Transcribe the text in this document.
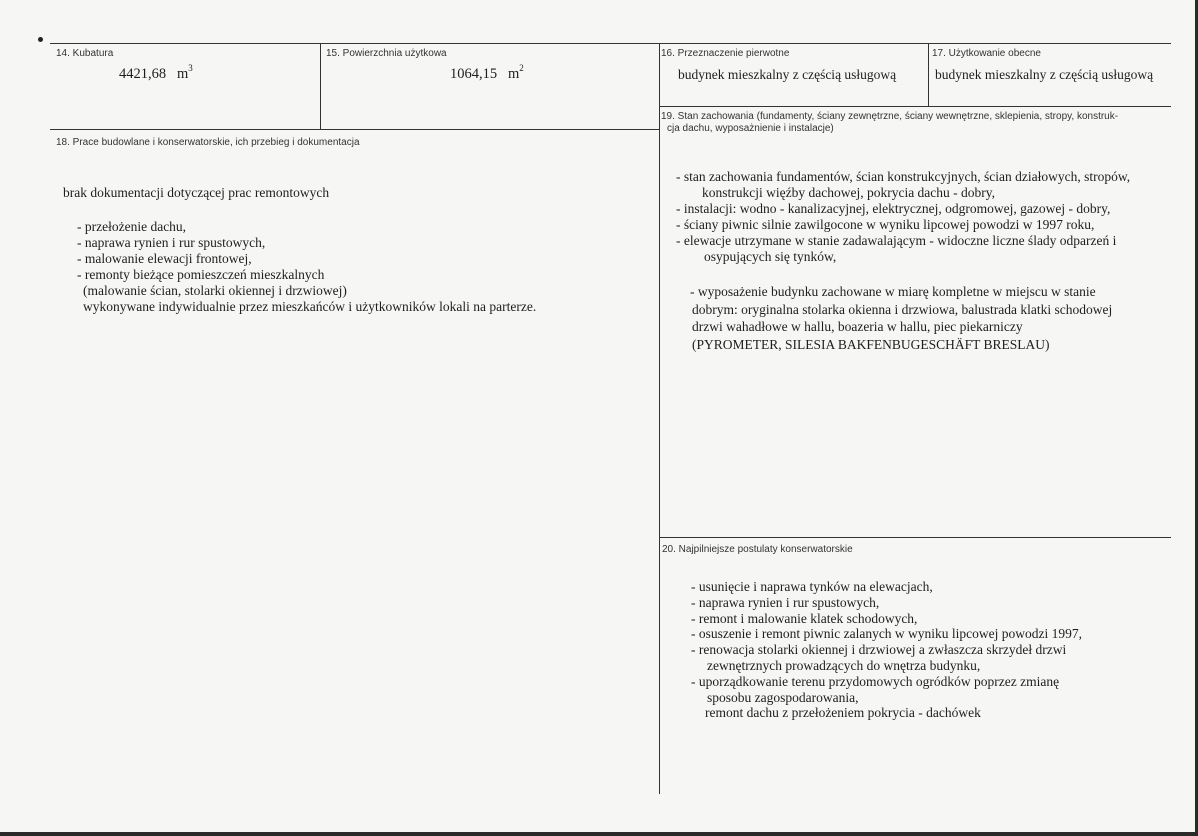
14. Kubatura
4421,68 $m^3$
15. Powierzchnia użytkowa
1064,15 $m^2$
16. Przeznaczenie pierwotne
budynek mieszkalny z częścią usługową
17. Użytkowanie obecne
budynek mieszkalny z częścią usługową
18. Prace budowlane i konserwatorskie, ich przebieg i dokumentacja
brak dokumentacji dotyczącej prac remontowych
- przełożenie dachu,
- naprawa rynien i rur spustowych,
- malowanie elewacji frontowej,
- remonty bieżące pomieszczeń mieszkalnych
(malowanie ścian, stolarki okiennej i drzwiowej)
wykonywane indywidualnie przez mieszkańców i użytkowników lokali na parterze.
19. Stan zachowania (fundamenty, ściany zewnętrzne, ściany wewnętrzne, sklepienia, stropy, konstruk-
cja dachu, wyposażnienie i instalacje)
- stan zachowania fundamentów, ścian konstrukcyjnych, ścian działowych, stropów,
konstrukcji więźby dachowej, pokrycia dachu - dobry,
- instalacji: wodno - kanalizacyjnej, elektrycznej, odgromowej, gazowej - dobry,
- ściany piwnic silnie zawilgocone w wyniku lipcowej powodzi w 1997 roku,
- elewacje utrzymane w stanie zadawalającym - widoczne liczne ślady odparzeń i
osypujących się tynków,
- wyposażenie budynku zachowane w miarę kompletne w miejscu w stanie
dobrym: oryginalna stolarka okienna i drzwiowa, balustrada klatki schodowej
drzwi wahadłowe w hallu, boazeria w hallu, piec piekarniczy
(PYROMETER, SILESIA BAKFENBUGESCHÄFT BRESLAU)
20. Najpilniejsze postulaty konserwatorskie
- usunięcie i naprawa tynków na elewacjach,
- naprawa rynien i rur spustowych,
- remont i malowanie klatek schodowych,
- osuszenie i remont piwnic zalanych w wyniku lipcowej powodzi 1997,
- renowacja stolarki okiennej i drzwiowej a zwłaszcza skrzydeł drzwi
zewnętrznych prowadzących do wnętrza budynku,
- uporządkowanie terenu przydomowych ogródków poprzez zmianę
sposobu zagospodarowania,
remont dachu z przełożeniem pokrycia - dachówek
